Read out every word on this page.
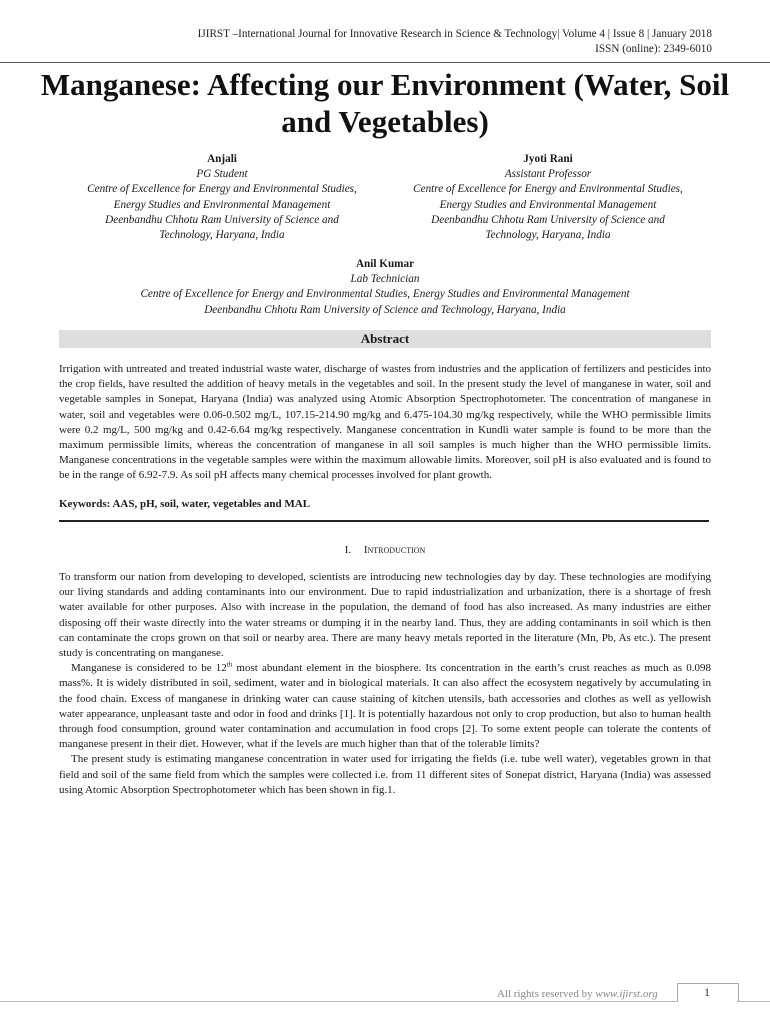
IJIRST –International Journal for Innovative Research in Science & Technology| Volume 4 | Issue 8 | January 2018
ISSN (online): 2349-6010
Manganese: Affecting our Environment (Water, Soil and Vegetables)
Anjali
PG Student
Centre of Excellence for Energy and Environmental Studies,
Energy Studies and Environmental Management
Deenbandhu Chhotu Ram University of Science and
Technology, Haryana, India
Jyoti Rani
Assistant Professor
Centre of Excellence for Energy and Environmental Studies,
Energy Studies and Environmental Management
Deenbandhu Chhotu Ram University of Science and
Technology, Haryana, India
Anil Kumar
Lab Technician
Centre of Excellence for Energy and Environmental Studies, Energy Studies and Environmental Management
Deenbandhu Chhotu Ram University of Science and Technology, Haryana, India
Abstract

Irrigation with untreated and treated industrial waste water, discharge of wastes from industries and the application of fertilizers and pesticides into the crop fields, have resulted the addition of heavy metals in the vegetables and soil. In the present study the level of manganese in water, soil and vegetable samples in Sonepat, Haryana (India) was analyzed using Atomic Absorption Spectrophotometer. The concentration of manganese in water, soil and vegetables were 0.06-0.502 mg/L, 107.15-214.90 mg/kg and 6.475-104.30 mg/kg respectively, while the WHO permissible limits were 0.2 mg/L, 500 mg/kg and 0.42-6.64 mg/kg respectively. Manganese concentration in Kundli water sample is found to be more than the maximum permissible limits, whereas the concentration of manganese in all soil samples is much higher than the WHO permissible limits. Manganese concentrations in the vegetable samples were within the maximum allowable limits. Moreover, soil pH is also evaluated and is found to be in the range of 6.92-7.9. As soil pH affects many chemical processes involved for plant growth.

Keywords: AAS, pH, soil, water, vegetables and MAL

I. Introduction

To transform our nation from developing to developed, scientists are introducing new technologies day by day. These technologies are modifying our living standards and adding contaminants into our environment. Due to rapid industrialization and urbanization, there is a shortage of fresh water available for other purposes. Also with increase in the population, the demand of food has also increased. As many industries are either disposing off their waste directly into the water streams or dumping it in the nearby land. Thus, they are adding contaminants in soil which is then can contaminate the crops grown on that soil or nearby area. There are many heavy metals reported in the literature (Mn, Pb, As etc.). The present study is concentrating on manganese.

Manganese is considered to be 12th most abundant element in the biosphere. Its concentration in the earth’s crust reaches as much as 0.098 mass%. It is widely distributed in soil, sediment, water and in biological materials. It can also affect the ecosystem negatively by accumulating in the food chain. Excess of manganese in drinking water can cause staining of kitchen utensils, bath accessories and clothes as well as yellowish water appearance, unpleasant taste and odor in food and drinks [1]. It is potentially hazardous not only to crop production, but also to human health through food consumption, ground water contamination and accumulation in food crops [2]. To some extent people can tolerate the contents of manganese present in their diet. However, what if the levels are much higher than that of the tolerable limits?

The present study is estimating manganese concentration in water used for irrigating the fields (i.e. tube well water), vegetables grown in that field and soil of the same field from which the samples were collected i.e. from 11 different sites of Sonepat district, Haryana (India) was assessed using Atomic Absorption Spectrophotometer which has been shown in fig.1.

All rights reserved by www.ijirst.org	1
